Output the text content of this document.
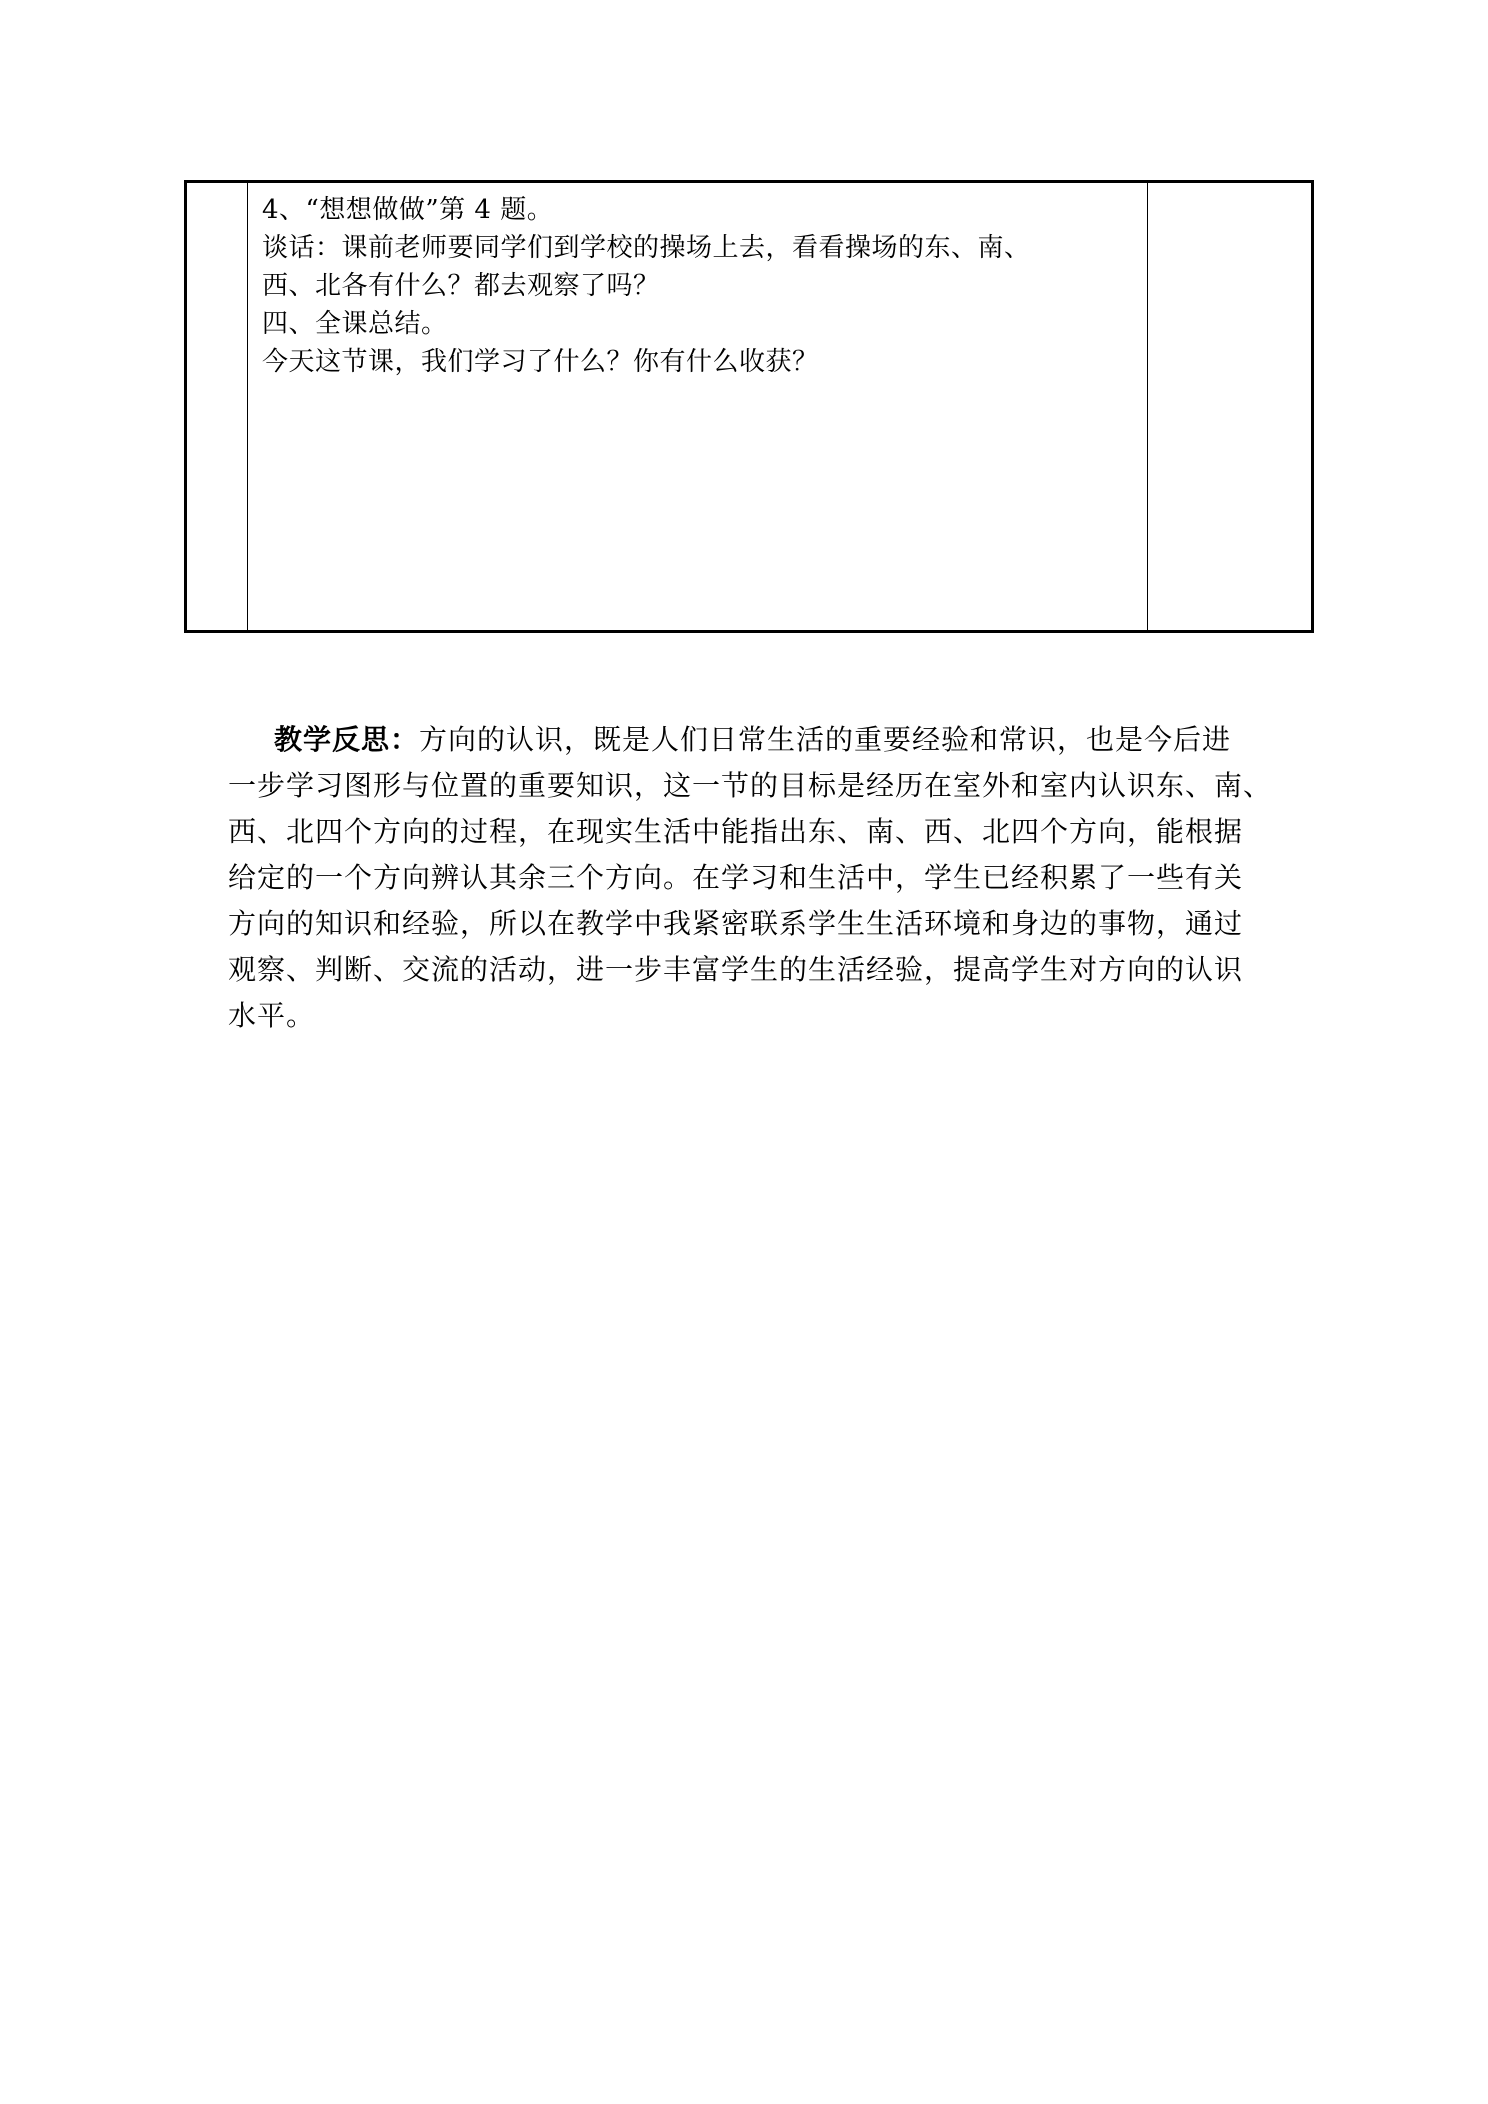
4、“想想做做”第 4 题。
谈话：课前老师要同学们到学校的操场上去，看看操场的东、南、
西、北各有什么？都去观察了吗？
四、全课总结。
今天这节课，我们学习了什么？你有什么收获？
教学反思：方向的认识，既是人们日常生活的重要经验和常识，也是今后进
一步学习图形与位置的重要知识，这一节的目标是经历在室外和室内认识东、南、
西、北四个方向的过程，在现实生活中能指出东、南、西、北四个方向，能根据
给定的一个方向辨认其余三个方向。在学习和生活中，学生已经积累了一些有关
方向的知识和经验，所以在教学中我紧密联系学生生活环境和身边的事物，通过
观察、判断、交流的活动，进一步丰富学生的生活经验，提高学生对方向的认识
水平。
